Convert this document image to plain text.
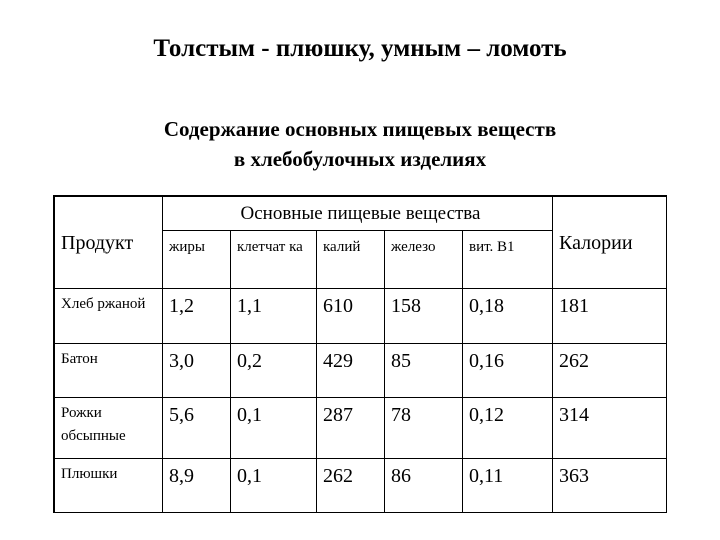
Толстым - плюшку, умным – ломоть
Содержание основных пищевых веществ
в хлебобулочных изделиях
Продукт	Основные пищевые вещества					Калории
	жиры	клетчат ка	калий	железо	вит. В1	
Хлеб ржаной	1,2	1,1	610	158	0,18	181
Батон	3,0	0,2	429	85	0,16	262
Рожки обсыпные	5,6	0,1	287	78	0,12	314
Плюшки	8,9	0,1	262	86	0,11	363
